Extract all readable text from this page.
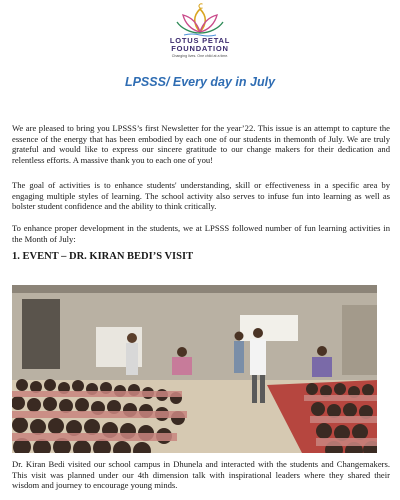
LOTUS PETAL
FOUNDATION
Changing lives. One child at a time.
LPSSS/ Every day in July

We are pleased to bring you LPSSS’s first Newsletter for the year’22. This issue is an attempt to capture the essence of the energy that has been embodied by each one of our students in themonth of July. We are truly grateful and would like to express our sincere gratitude to our change makers for their dedication and relentless efforts. A massive thank you to each one of you!

The goal of activities is to enhance students' understanding, skill or effectiveness in a specific area by engaging multiple styles of learning. The school activity also serves to infuse fun into learning as well as bolster student confidence and the ability to think critically.

To enhance proper development in the students, we at LPSSS followed number of fun learning activities in the Month of July:

1. EVENT – DR. KIRAN BEDI’S VISIT

Dr. Kiran Bedi visited our school campus in Dhunela and interacted with the students and Changemakers. This visit was planned under our 4th dimension talk with inspirational leaders where they shared their wisdom and journey to encourage young minds.
